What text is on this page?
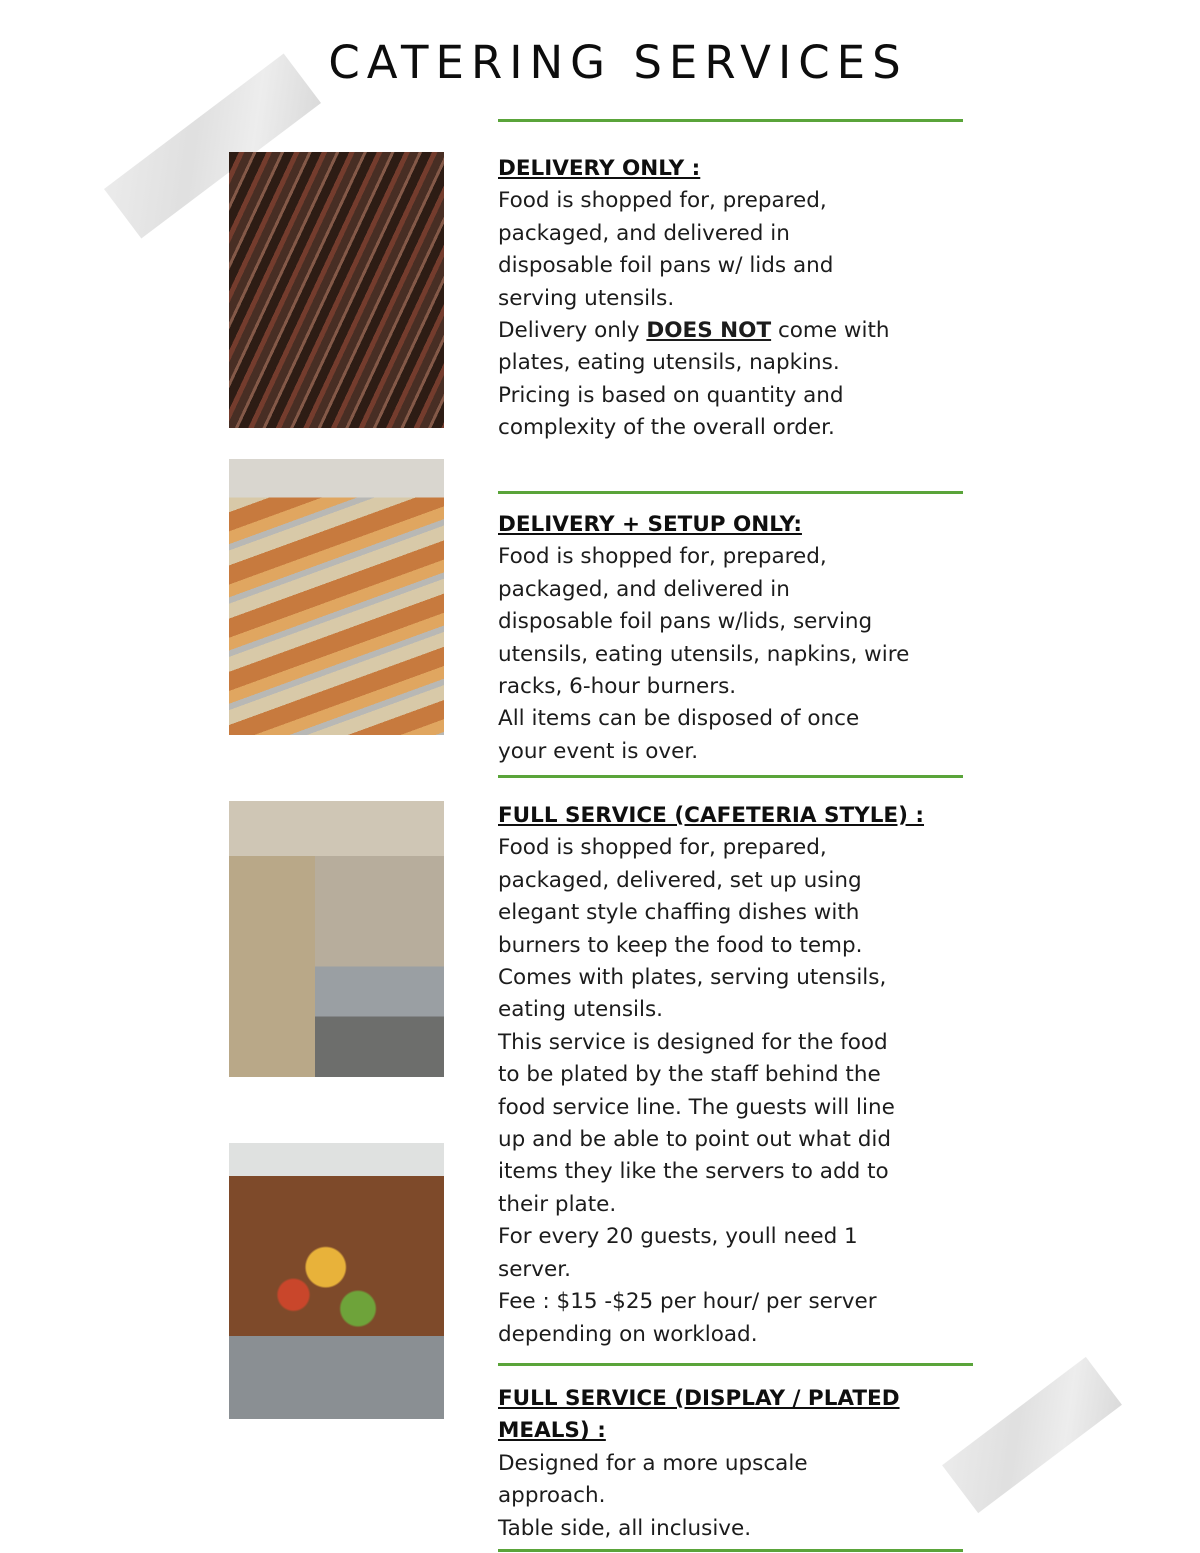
CATERING SERVICES

DELIVERY ONLY :

Food is shopped for, prepared,

packaged, and delivered in

disposable foil pans w/ lids and

serving utensils.

Delivery only DOES NOT come with

plates, eating utensils, napkins.

Pricing is based on quantity and

complexity of the overall order.

DELIVERY + SETUP ONLY:

Food is shopped for, prepared,

packaged, and delivered in

disposable foil pans w/lids, serving

utensils, eating utensils, napkins, wire

racks, 6-hour burners.

All items can be disposed of once

your event is over.

FULL SERVICE (CAFETERIA STYLE) :

Food is shopped for, prepared,

packaged, delivered, set up using

elegant style chaffing dishes with

burners to keep the food to temp.

Comes with plates, serving utensils,

eating utensils.

This service is designed for the food

to be plated by the staff behind the

food service line. The guests will line

up and be able to point out what did

items they like the servers to add to

their plate.

For every 20 guests, youll need 1

server.

Fee : $15 -$25 per hour/ per server

depending on workload.

FULL SERVICE (DISPLAY / PLATED

MEALS) :

Designed for a more upscale

approach.

Table side, all inclusive.
